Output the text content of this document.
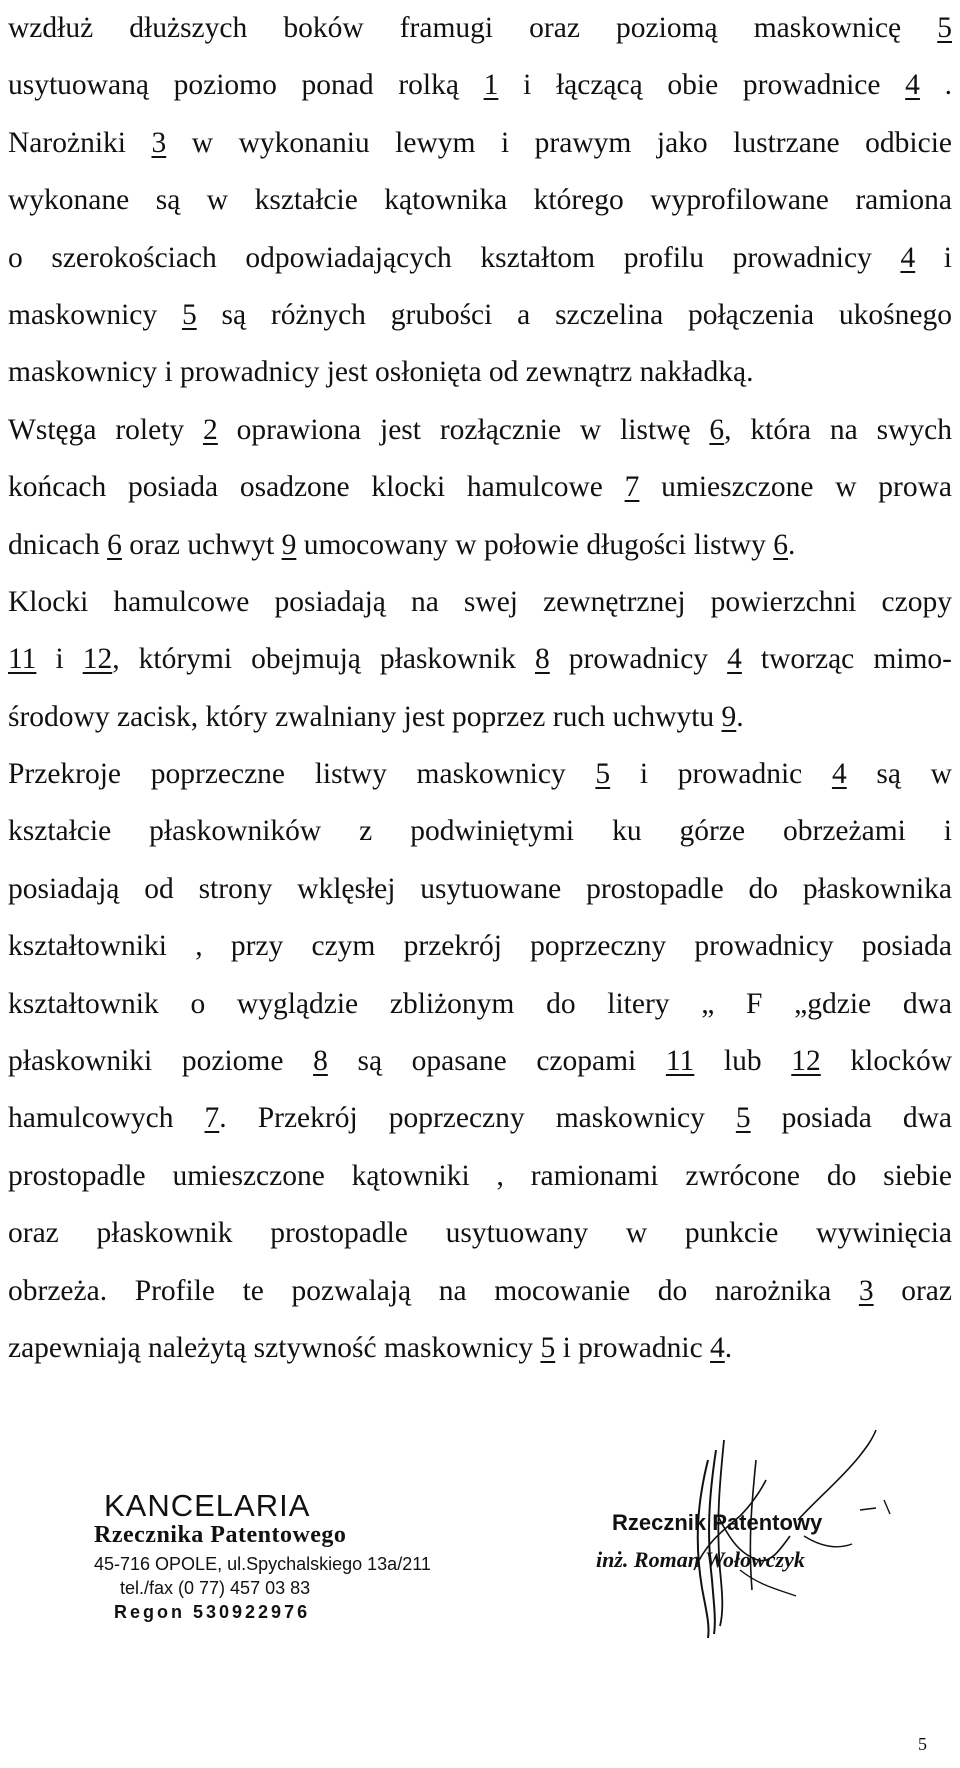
wzdłuż dłuższych boków framugi oraz poziomą maskownicę 5
usytuowaną poziomo ponad rolką 1 i łączącą obie prowadnice 4 .
Narożniki 3 w wykonaniu lewym i prawym jako lustrzane odbicie
wykonane są w kształcie kątownika którego wyprofilowane ramiona
o szerokościach odpowiadających kształtom profilu prowadnicy 4 i
maskownicy 5 są różnych grubości a szczelina połączenia ukośnego
maskownicy i prowadnicy jest osłonięta od zewnątrz nakładką.
Wstęga rolety 2 oprawiona jest rozłącznie w listwę 6, która na swych
końcach posiada osadzone klocki hamulcowe 7 umieszczone w prowa
dnicach 6 oraz uchwyt 9 umocowany w połowie długości listwy 6.
Klocki hamulcowe posiadają na swej zewnętrznej powierzchni czopy
11 i 12, którymi obejmują płaskownik 8 prowadnicy 4 tworząc mimo-
środowy zacisk, który zwalniany jest poprzez ruch uchwytu 9.
Przekroje poprzeczne listwy maskownicy 5 i prowadnic 4 są w
kształcie płaskowników z podwiniętymi ku górze obrzeżami i
posiadają od strony wklęsłej usytuowane prostopadle do płaskownika
kształtowniki , przy czym przekrój poprzeczny prowadnicy posiada
kształtownik o wyglądzie zbliżonym do litery „ F „gdzie dwa
płaskowniki poziome 8 są opasane czopami 11 lub 12 klocków
hamulcowych 7. Przekrój poprzeczny maskownicy 5 posiada dwa
prostopadle umieszczone kątowniki , ramionami zwrócone do siebie
oraz płaskownik prostopadle usytuowany w punkcie wywinięcia
obrzeża. Profile te pozwalają na mocowanie do narożnika 3 oraz
zapewniają należytą sztywność maskownicy 5 i prowadnic 4.
KANCELARIA
Rzecznika Patentowego
45-716 OPOLE, ul.Spychalskiego 13a/211
tel./fax (0 77) 457 03 83
Regon 530922976
Rzecznik Patentowy
inż. Roman Wołowczyk
5
